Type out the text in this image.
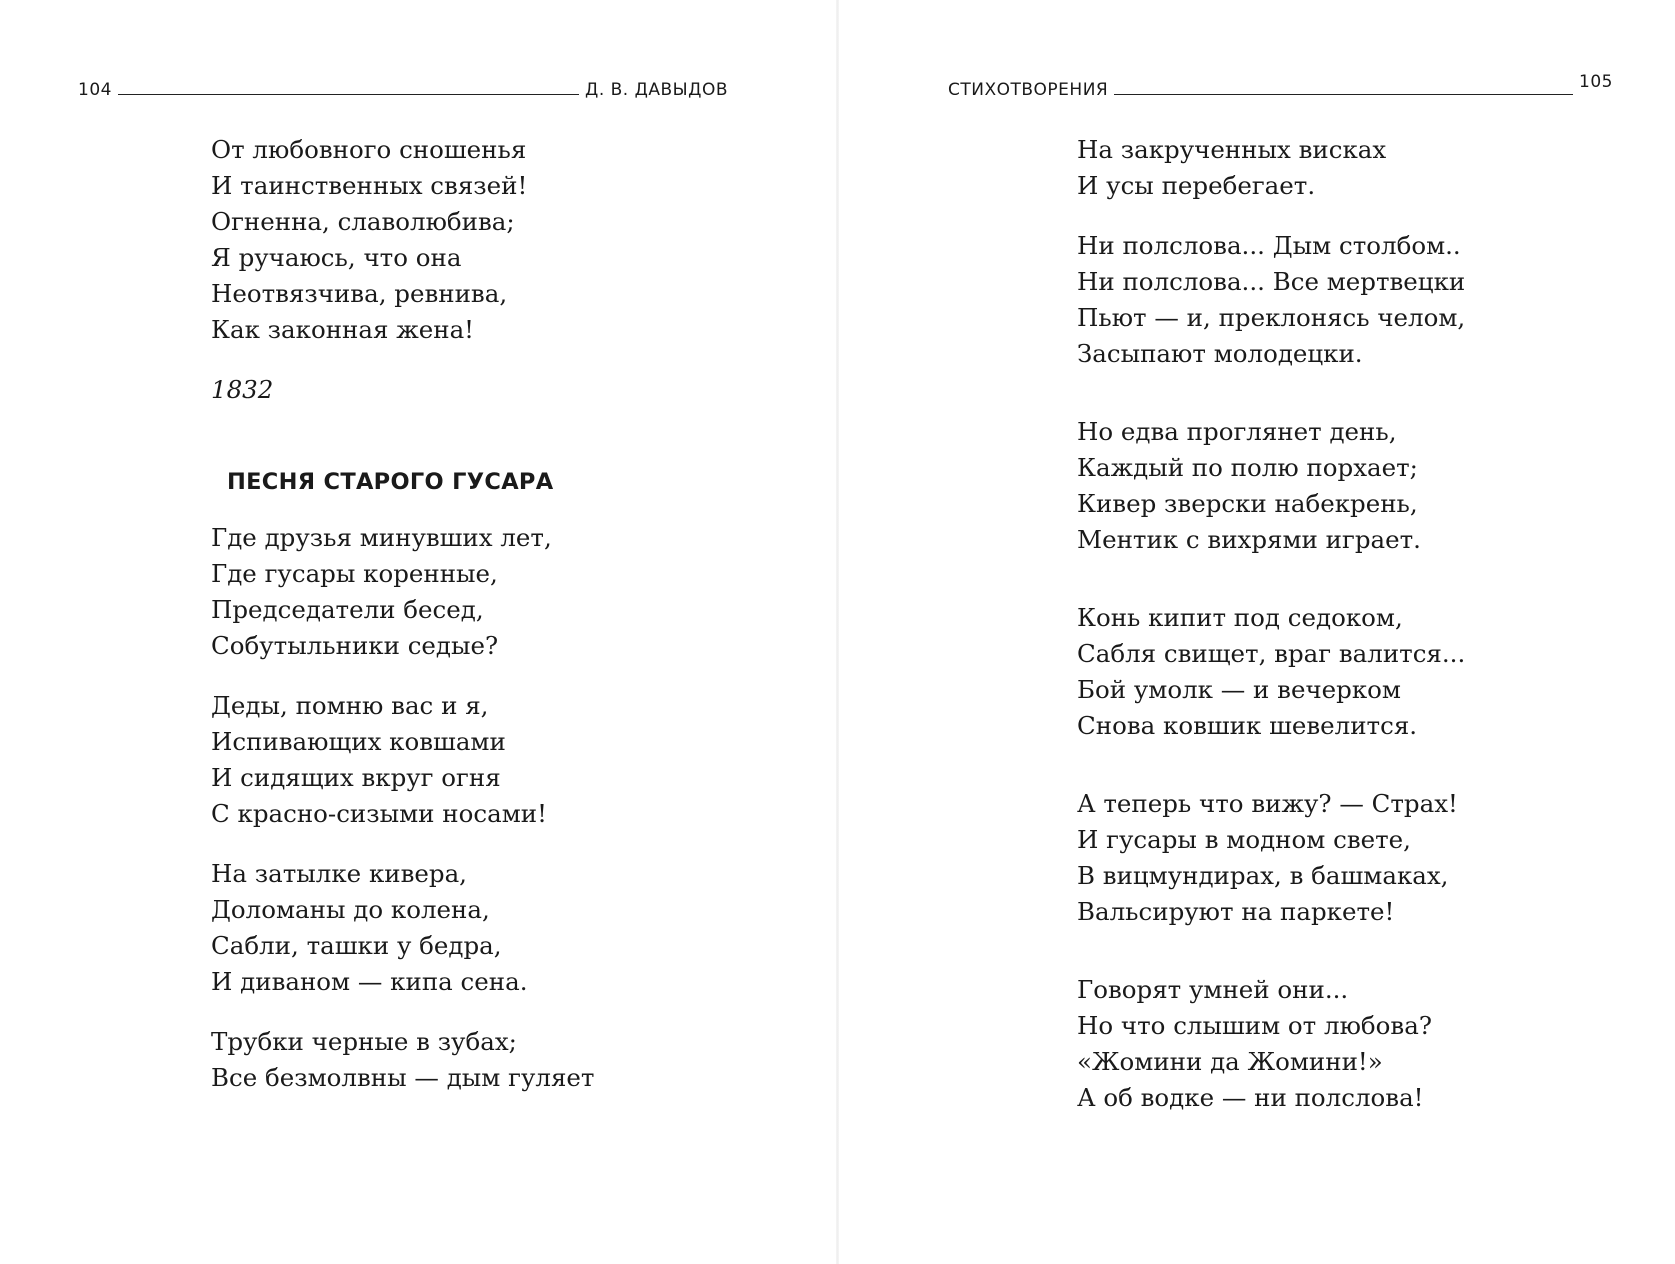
104	Д. В. ДАВЫДОВ
От любовного сношенья
И таинственных связей!
Огненна, славолюбива;
Я ручаюсь, что она
Неотвязчива, ревнива,
Как законная жена!
1832
ПЕСНЯ СТАРОГО ГУСАРА
Где друзья минувших лет,
Где гусары коренные,
Председатели бесед,
Собутыльники седые?
Деды, помню вас и я,
Испивающих ковшами
И сидящих вкруг огня
С красно-сизыми носами!
На затылке кивера,
Доломаны до колена,
Сабли, ташки у бедра,
И диваном — кипа сена.
Трубки черные в зубах;
Все безмолвны — дым гуляет
СТИХОТВОРЕНИЯ	105
На закрученных висках
И усы перебегает.
Ни полслова... Дым столбом..
Ни полслова... Все мертвецки
Пьют — и, преклонясь челом,
Засыпают молодецки.
Но едва проглянет день,
Каждый по полю порхает;
Кивер зверски набекрень,
Ментик с вихрями играет.
Конь кипит под седоком,
Сабля свищет, враг валится...
Бой умолк — и вечерком
Снова ковшик шевелится.
А теперь что вижу? — Страх!
И гусары в модном свете,
В вицмундирах, в башмаках,
Вальсируют на паркете!
Говорят умней они...
Но что слышим от любова?
«Жомини да Жомини!»
А об водке — ни полслова!
